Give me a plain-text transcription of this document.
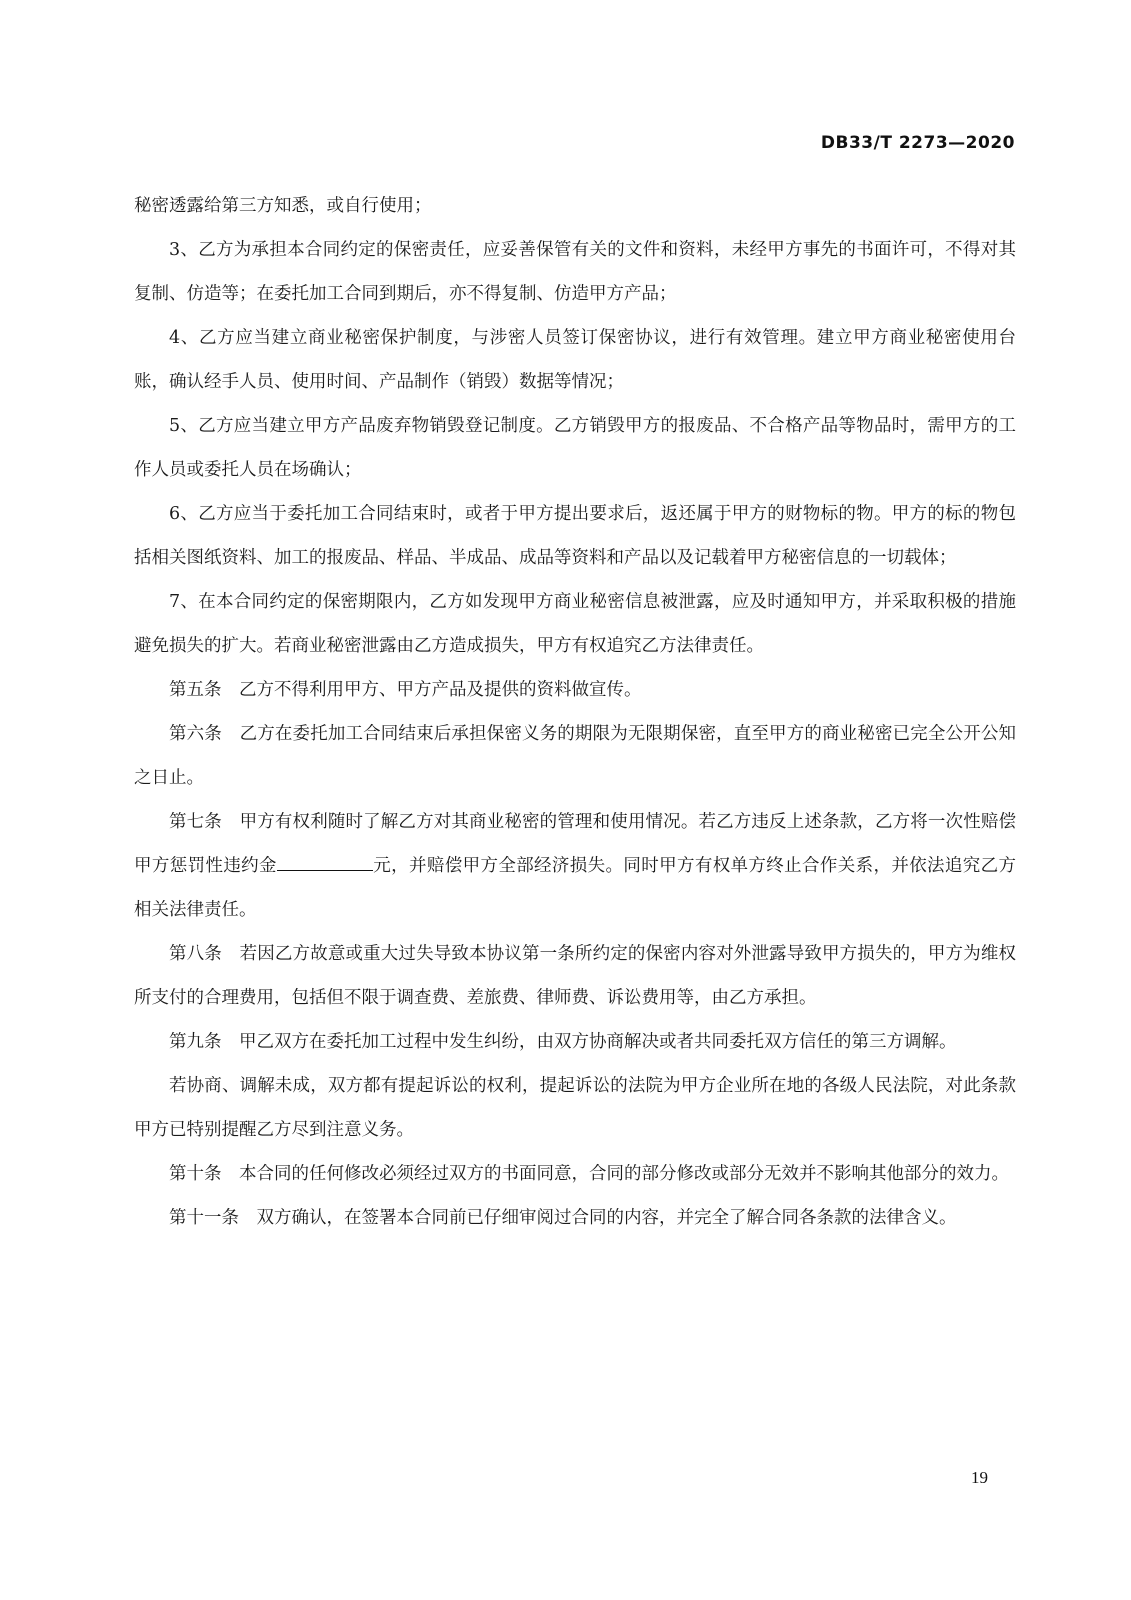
DB33/T 2273—2020

秘密透露给第三方知悉，或自行使用；

3、乙方为承担本合同约定的保密责任，应妥善保管有关的文件和资料，未经甲方事先的书面许可，不得对其复制、仿造等；在委托加工合同到期后，亦不得复制、仿造甲方产品；

4、乙方应当建立商业秘密保护制度，与涉密人员签订保密协议，进行有效管理。建立甲方商业秘密使用台账，确认经手人员、使用时间、产品制作（销毁）数据等情况；

5、乙方应当建立甲方产品废弃物销毁登记制度。乙方销毁甲方的报废品、不合格产品等物品时，需甲方的工作人员或委托人员在场确认；

6、乙方应当于委托加工合同结束时，或者于甲方提出要求后，返还属于甲方的财物标的物。甲方的标的物包括相关图纸资料、加工的报废品、样品、半成品、成品等资料和产品以及记载着甲方秘密信息的一切载体；

7、在本合同约定的保密期限内，乙方如发现甲方商业秘密信息被泄露，应及时通知甲方，并采取积极的措施避免损失的扩大。若商业秘密泄露由乙方造成损失，甲方有权追究乙方法律责任。

第五条　乙方不得利用甲方、甲方产品及提供的资料做宣传。

第六条　乙方在委托加工合同结束后承担保密义务的期限为无限期保密，直至甲方的商业秘密已完全公开公知之日止。

第七条　甲方有权利随时了解乙方对其商业秘密的管理和使用情况。若乙方违反上述条款，乙方将一次性赔偿甲方惩罚性违约金	元，并赔偿甲方全部经济损失。同时甲方有权单方终止合作关系，并依法追究乙方相关法律责任。

第八条　若因乙方故意或重大过失导致本协议第一条所约定的保密内容对外泄露导致甲方损失的，甲方为维权所支付的合理费用，包括但不限于调查费、差旅费、律师费、诉讼费用等，由乙方承担。

第九条　甲乙双方在委托加工过程中发生纠纷，由双方协商解决或者共同委托双方信任的第三方调解。

若协商、调解未成，双方都有提起诉讼的权利，提起诉讼的法院为甲方企业所在地的各级人民法院，对此条款甲方已特别提醒乙方尽到注意义务。

第十条　本合同的任何修改必须经过双方的书面同意，合同的部分修改或部分无效并不影响其他部分的效力。

第十一条　双方确认，在签署本合同前已仔细审阅过合同的内容，并完全了解合同各条款的法律含义。

19
